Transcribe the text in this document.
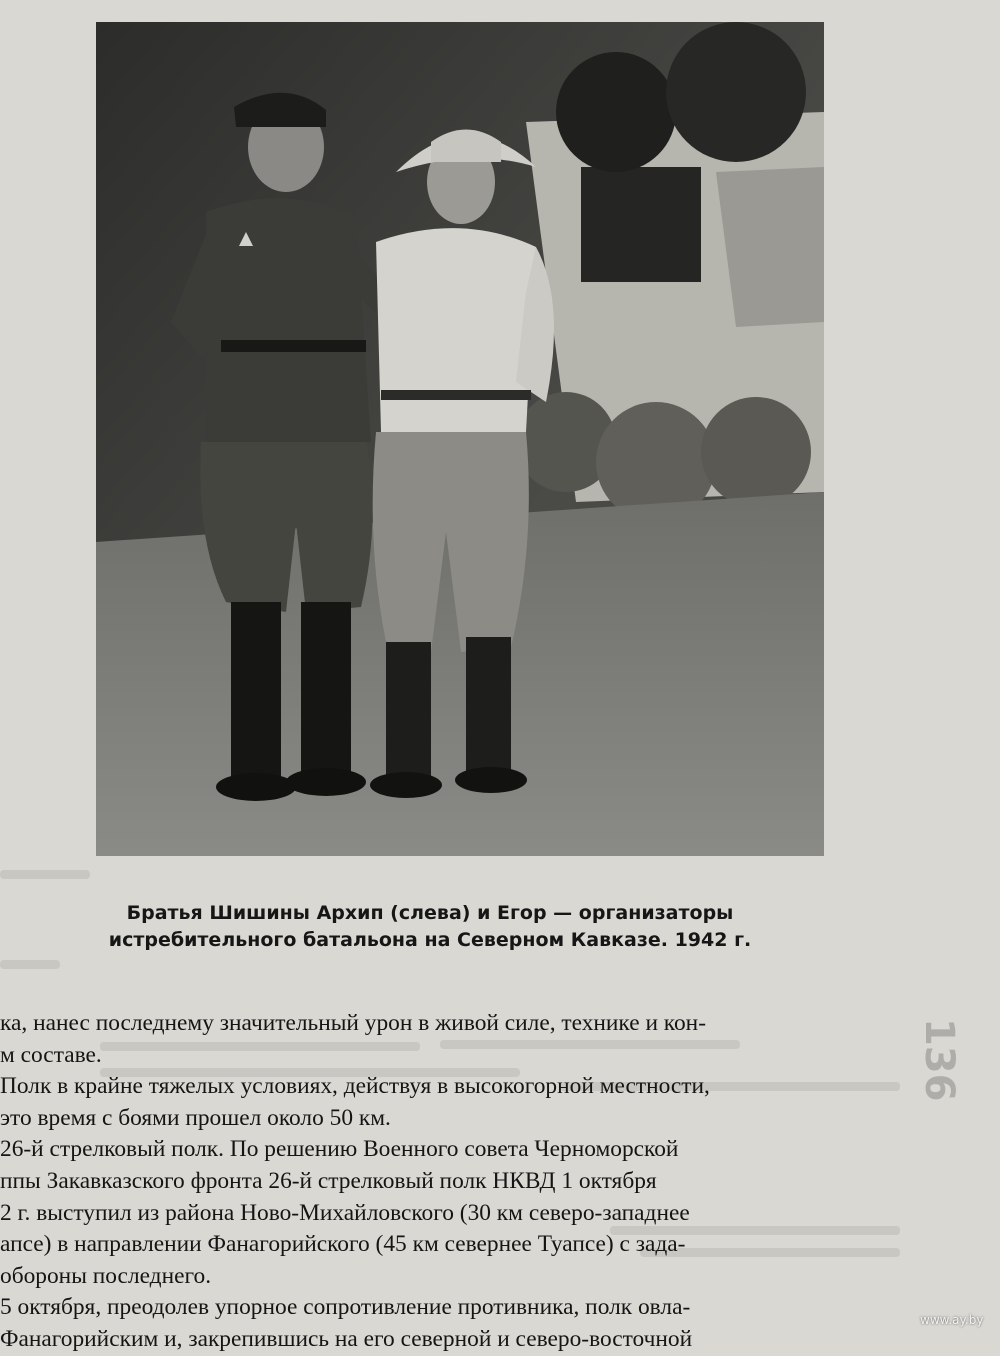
Братья Шишины Архип (слева) и Егор — организаторы
истребительного батальона на Северном Кавказе. 1942 г.
ка, нанес последнему значительный урон в живой силе, технике и кон-
м составе.
Полк в крайне тяжелых условиях, действуя в высокогорной местности,
это время с боями прошел около 50 км.
26-й стрелковый полк. По решению Военного совета Черноморской
ппы Закавказского фронта 26-й стрелковый полк НКВД 1 октября
2 г. выступил из района Ново-Михайловского (30 км северо-западнее
апсе) в направлении Фанагорийского (45 км севернее Туапсе) с зада-
обороны последнего.
5 октября, преодолев упорное сопротивление противника, полк овла-
Фанагорийским и, закрепившись на его северной и северо-восточной
136
www.ay.by
